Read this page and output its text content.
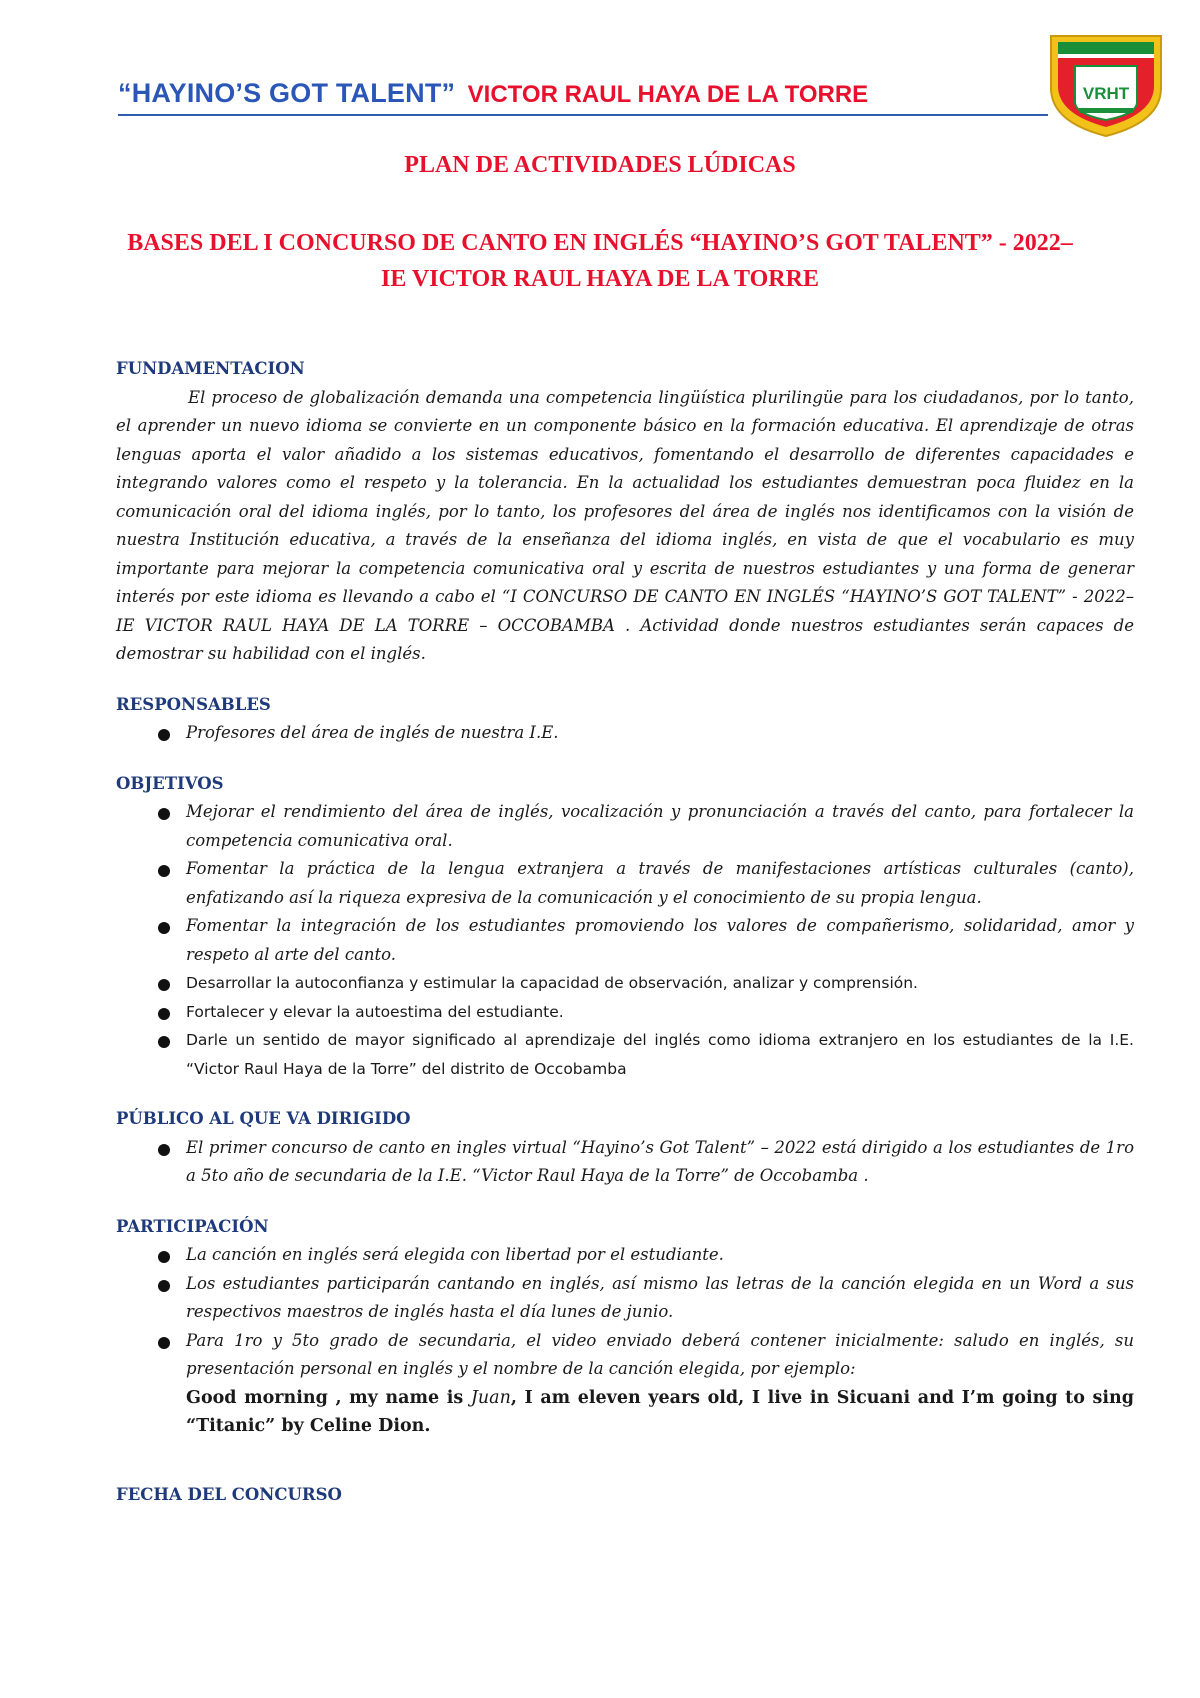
“HAYINO’S GOT TALENT” VICTOR RAUL HAYA DE LA TORRE	VRHT
PLAN DE ACTIVIDADES LÚDICAS
BASES DEL I CONCURSO DE CANTO EN INGLÉS “HAYINO’S GOT TALENT” - 2022–
IE VICTOR RAUL HAYA DE LA TORRE
FUNDAMENTACION

El proceso de globalización demanda una competencia lingüística plurilingüe para los ciudadanos, por lo tanto, el aprender un nuevo idioma se convierte en un componente básico en la formación educativa. El aprendizaje de otras lenguas aporta el valor añadido a los sistemas educativos, fomentando el desarrollo de diferentes capacidades e integrando valores como el respeto y la tolerancia. En la actualidad los estudiantes demuestran poca fluidez en la comunicación oral del idioma inglés, por lo tanto, los profesores del área de inglés nos identificamos con la visión de nuestra Institución educativa, a través de la enseñanza del idioma inglés, en vista de que el vocabulario es muy importante para mejorar la competencia comunicativa oral y escrita de nuestros estudiantes y una forma de generar interés por este idioma es llevando a cabo el “I CONCURSO DE CANTO EN INGLÉS “HAYINO’S GOT TALENT” - 2022– IE VICTOR RAUL HAYA DE LA TORRE – OCCOBAMBA . Actividad donde nuestros estudiantes serán capaces de demostrar su habilidad con el inglés.

RESPONSABLES
Profesores del área de inglés de nuestra I.E.
OBJETIVOS
Mejorar el rendimiento del área de inglés, vocalización y pronunciación a través del canto, para fortalecer la competencia comunicativa oral.
Fomentar la práctica de la lengua extranjera a través de manifestaciones artísticas culturales (canto), enfatizando así la riqueza expresiva de la comunicación y el conocimiento de su propia lengua.
Fomentar la integración de los estudiantes promoviendo los valores de compañerismo, solidaridad, amor y respeto al arte del canto.
Desarrollar la autoconfianza y estimular la capacidad de observación, analizar y comprensión.
Fortalecer y elevar la autoestima del estudiante.
Darle un sentido de mayor significado al aprendizaje del inglés como idioma extranjero en los estudiantes de la I.E. “Victor Raul Haya de la Torre” del distrito de Occobamba
PÚBLICO AL QUE VA DIRIGIDO
El primer concurso de canto en ingles virtual “Hayino’s Got Talent” – 2022 está dirigido a los estudiantes de 1ro a 5to año de secundaria de la I.E. “Victor Raul Haya de la Torre” de Occobamba .
PARTICIPACIÓN
La canción en inglés será elegida con libertad por el estudiante.
Los estudiantes participarán cantando en inglés, así mismo las letras de la canción elegida en un Word a sus respectivos maestros de inglés hasta el día lunes de junio.
Para 1ro y 5to grado de secundaria, el video enviado deberá contener inicialmente: saludo en inglés, su presentación personal en inglés y el nombre de la canción elegida, por ejemplo:
Good morning , my name is Juan, I am eleven years old, I live in Sicuani and I’m going to sing “Titanic” by Celine Dion.
FECHA DEL CONCURSO
